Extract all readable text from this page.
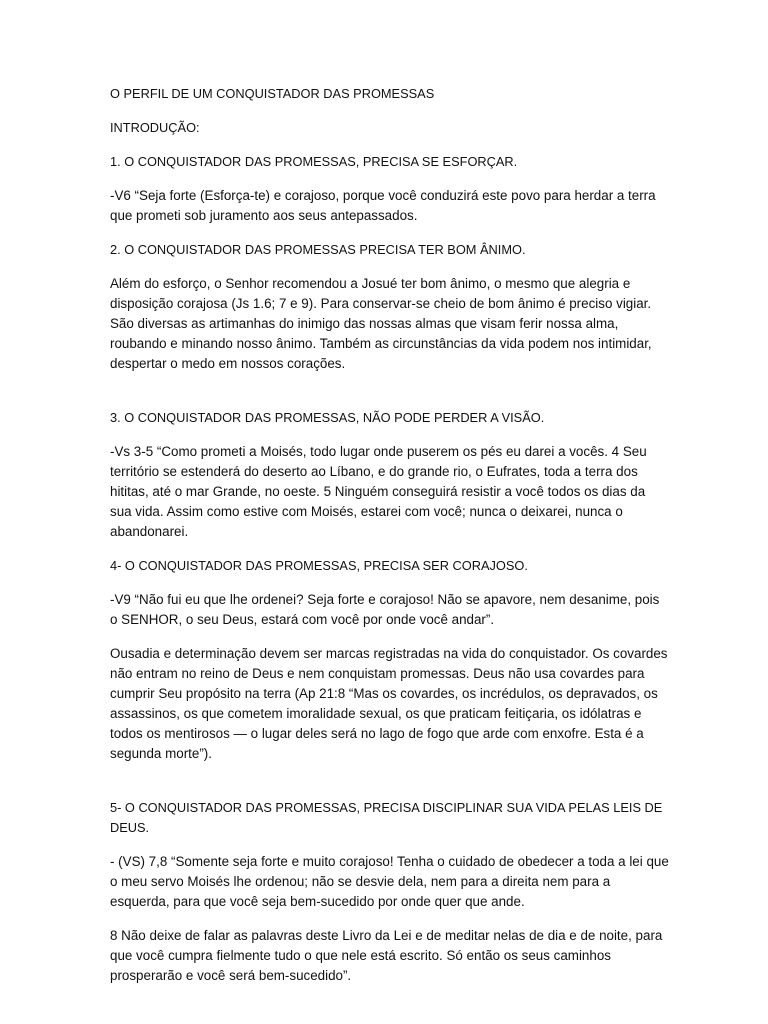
O PERFIL DE UM CONQUISTADOR DAS PROMESSAS

INTRODUÇÃO:

1. O CONQUISTADOR DAS PROMESSAS, PRECISA SE ESFORÇAR.

-V6 “Seja forte (Esforça-te) e corajoso, porque você conduzirá este povo para herdar a terra que prometi sob juramento aos seus antepassados.

2. O CONQUISTADOR DAS PROMESSAS PRECISA TER BOM ÂNIMO.

Além do esforço, o Senhor recomendou a Josué ter bom ânimo, o mesmo que alegria e disposição corajosa (Js 1.6; 7 e 9). Para conservar-se cheio de bom ânimo é preciso vigiar. São diversas as artimanhas do inimigo das nossas almas que visam ferir nossa alma, roubando e minando nosso ânimo. Também as circunstâncias da vida podem nos intimidar, despertar o medo em nossos corações.

3. O CONQUISTADOR DAS PROMESSAS, NÃO PODE PERDER A VISÃO.

-Vs 3-5 “Como prometi a Moisés, todo lugar onde puserem os pés eu darei a vocês. 4 Seu território se estenderá do deserto ao Líbano, e do grande rio, o Eufrates, toda a terra dos hititas, até o mar Grande, no oeste. 5 Ninguém conseguirá resistir a você todos os dias da sua vida. Assim como estive com Moisés, estarei com você; nunca o deixarei, nunca o abandonarei.

4- O CONQUISTADOR DAS PROMESSAS, PRECISA SER CORAJOSO.

-V9 “Não fui eu que lhe ordenei? Seja forte e corajoso! Não se apavore, nem desanime, pois o SENHOR, o seu Deus, estará com você por onde você andar”.

Ousadia e determinação devem ser marcas registradas na vida do conquistador. Os covardes não entram no reino de Deus e nem conquistam promessas. Deus não usa covardes para cumprir Seu propósito na terra (Ap 21:8 “Mas os covardes, os incrédulos, os depravados, os assassinos, os que cometem imoralidade sexual, os que praticam feitiçaria, os idólatras e todos os mentirosos — o lugar deles será no lago de fogo que arde com enxofre. Esta é a segunda morte”).

5- O CONQUISTADOR DAS PROMESSAS, PRECISA DISCIPLINAR SUA VIDA PELAS LEIS DE DEUS.

- (VS) 7,8 “Somente seja forte e muito corajoso! Tenha o cuidado de obedecer a toda a lei que o meu servo Moisés lhe ordenou; não se desvie dela, nem para a direita nem para a esquerda, para que você seja bem-sucedido por onde quer que ande.

8 Não deixe de falar as palavras deste Livro da Lei e de meditar nelas de dia e de noite, para que você cumpra fielmente tudo o que nele está escrito. Só então os seus caminhos prosperarão e você será bem-sucedido”.
